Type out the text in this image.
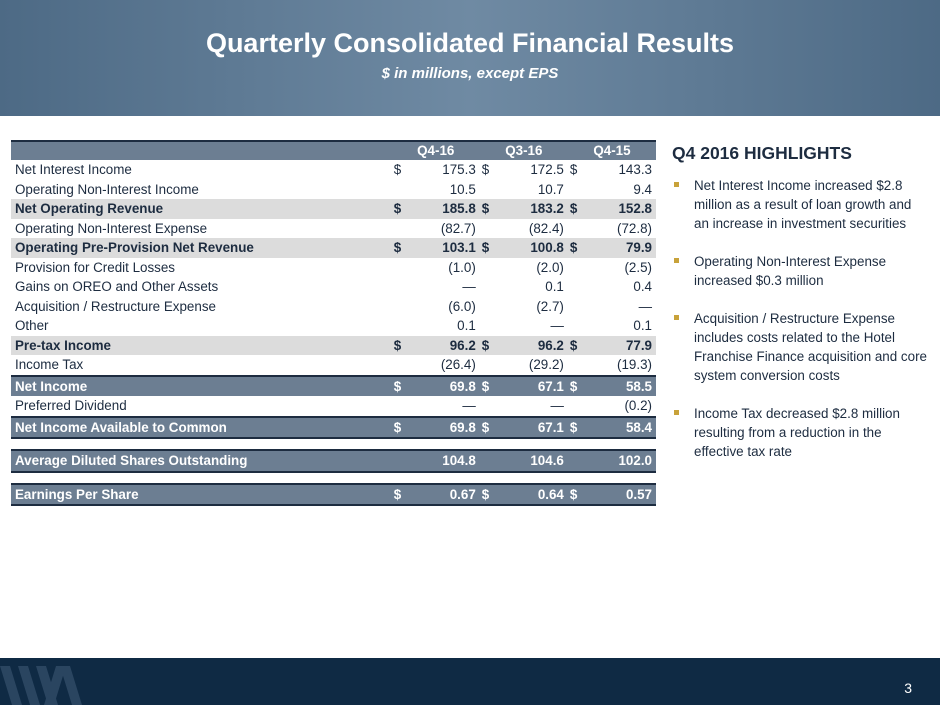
Quarterly Consolidated Financial Results
$ in millions, except EPS
	Q4-16		Q3-16		Q4-15	
Net Interest Income	$	175.3	$	172.5	$	143.3
Operating Non-Interest Income		10.5		10.7		9.4
Net Operating Revenue	$	185.8	$	183.2	$	152.8
Operating Non-Interest Expense		(82.7)		(82.4)		(72.8)
Operating Pre-Provision Net Revenue	$	103.1	$	100.8	$	79.9
Provision for Credit Losses		(1.0)		(2.0)		(2.5)
Gains on OREO and Other Assets		—		0.1		0.4
Acquisition / Restructure Expense		(6.0)		(2.7)		—
Other		0.1		—		0.1
Pre-tax Income	$	96.2	$	96.2	$	77.9
Income Tax		(26.4)		(29.2)		(19.3)
Net Income	$	69.8	$	67.1	$	58.5
Preferred Dividend		—		—		(0.2)
Net Income Available to Common	$	69.8	$	67.1	$	58.4

Average Diluted Shares Outstanding		104.8		104.6		102.0

Earnings Per Share	$	0.67	$	0.64	$	0.57
Q4 2016 HIGHLIGHTS
Net Interest Income increased $2.8 million as a result of loan growth and an increase in investment securities
Operating Non-Interest Expense increased $0.3 million
Acquisition / Restructure Expense includes costs related to the Hotel Franchise Finance acquisition and core system conversion costs
Income Tax decreased $2.8 million resulting from a reduction in the effective tax rate
3
